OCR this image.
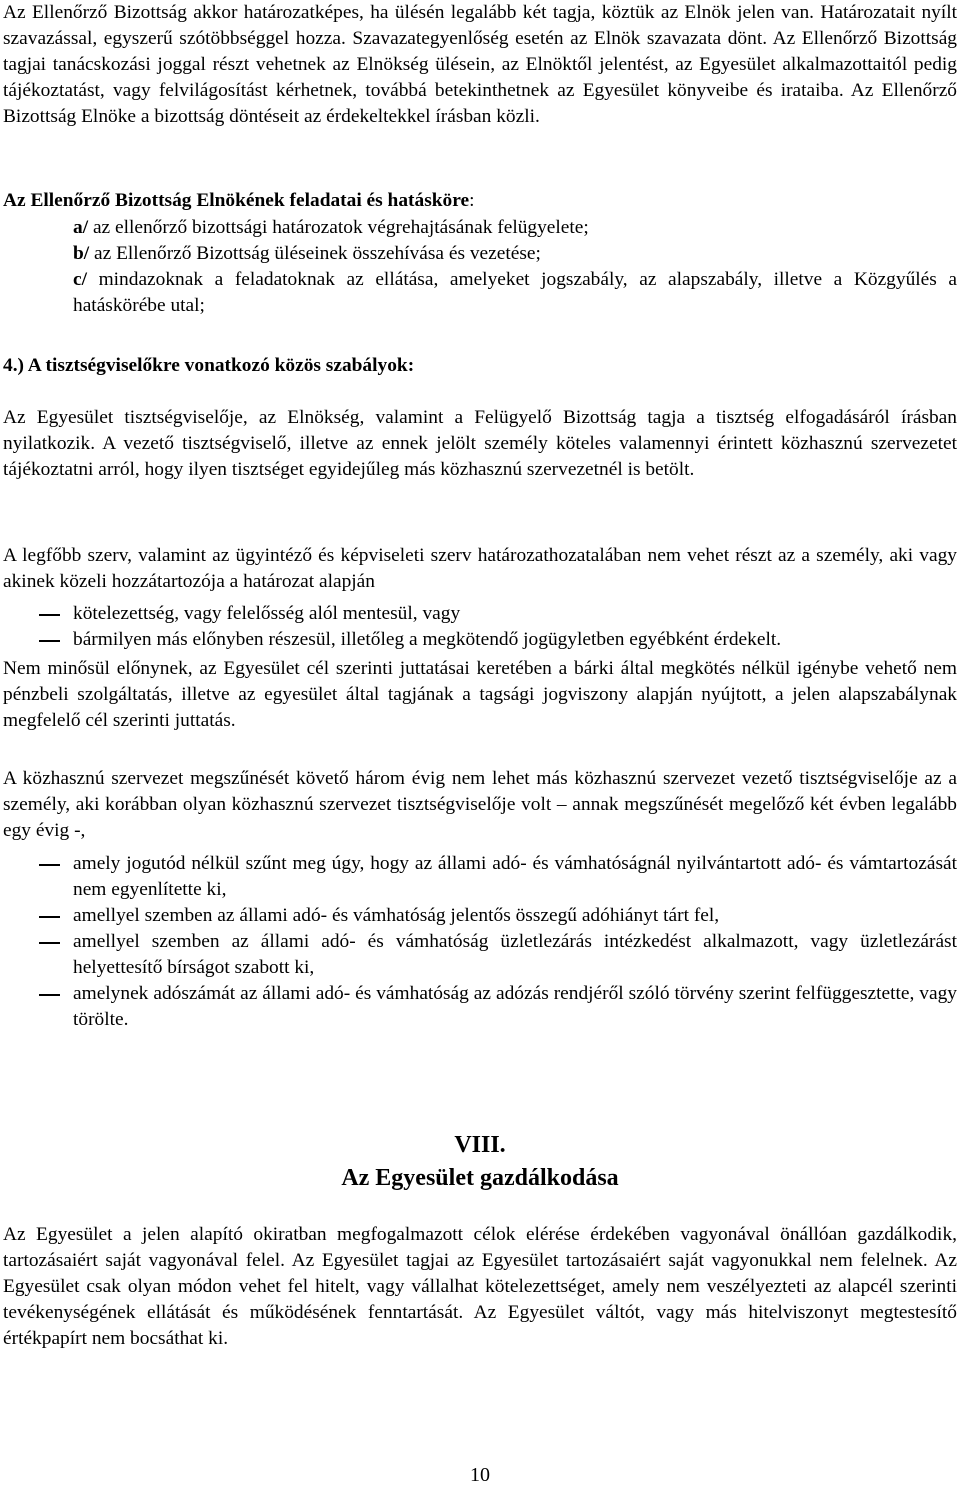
Az Ellenőrző Bizottság akkor határozatképes, ha ülésén legalább két tagja, köztük az Elnök jelen van. Határozatait nyílt szavazással, egyszerű szótöbbséggel hozza. Szavazategyenlőség esetén az Elnök szavazata dönt. Az Ellenőrző Bizottság tagjai tanácskozási joggal részt vehetnek az Elnökség ülésein, az Elnöktől jelentést, az Egyesület alkalmazottaitól pedig tájékoztatást, vagy felvilágosítást kérhetnek, továbbá betekinthetnek az Egyesület könyveibe és irataiba. Az Ellenőrző Bizottság Elnöke a bizottság döntéseit az érdekeltekkel írásban közli.

Az Ellenőrző Bizottság Elnökének feladatai és hatásköre:

a/ az ellenőrző bizottsági határozatok végrehajtásának felügyelete;
b/ az Ellenőrző Bizottság üléseinek összehívása és vezetése;
c/ mindazoknak a feladatoknak az ellátása, amelyeket jogszabály, az alapszabály, illetve a Közgyűlés a hatáskörébe utal;

4.) A tisztségviselőkre vonatkozó közös szabályok:

Az Egyesület tisztségviselője, az Elnökség, valamint a Felügyelő Bizottság tagja a tisztség elfogadásáról írásban nyilatkozik. A vezető tisztségviselő, illetve az ennek jelölt személy köteles valamennyi érintett közhasznú szervezetet tájékoztatni arról, hogy ilyen tisztséget egyidejűleg más közhasznú szervezetnél is betölt.

A legfőbb szerv, valamint az ügyintéző és képviseleti szerv határozathozatalában nem vehet részt az a személy, aki vagy akinek közeli hozzátartozója a határozat alapján

kötelezettség, vagy felelősség alól mentesül, vagy
bármilyen más előnyben részesül, illetőleg a megkötendő jogügyletben egyébként érdekelt.

Nem minősül előnynek, az Egyesület cél szerinti juttatásai keretében a bárki által megkötés nélkül igénybe vehető nem pénzbeli szolgáltatás, illetve az egyesület által tagjának a tagsági jogviszony alapján nyújtott, a jelen alapszabálynak megfelelő cél szerinti juttatás.

A közhasznú szervezet megszűnését követő három évig nem lehet más közhasznú szervezet vezető tisztségviselője az a személy, aki korábban olyan közhasznú szervezet tisztségviselője volt – annak megszűnését megelőző két évben legalább egy évig -,

amely jogutód nélkül szűnt meg úgy, hogy az állami adó- és vámhatóságnál nyilvántartott adó- és vámtartozását nem egyenlítette ki,
amellyel szemben az állami adó- és vámhatóság jelentős összegű adóhiányt tárt fel,
amellyel szemben az állami adó- és vámhatóság üzletlezárás intézkedést alkalmazott, vagy üzletlezárást helyettesítő bírságot szabott ki,
amelynek adószámát az állami adó- és vámhatóság az adózás rendjéről szóló törvény szerint felfüggesztette, vagy törölte.
VIII.
Az Egyesület gazdálkodása

Az Egyesület a jelen alapító okiratban megfogalmazott célok elérése érdekében vagyonával önállóan gazdálkodik, tartozásaiért saját vagyonával felel. Az Egyesület tagjai az Egyesület tartozásaiért saját vagyonukkal nem felelnek. Az Egyesület csak olyan módon vehet fel hitelt, vagy vállalhat kötelezettséget, amely nem veszélyezteti az alapcél szerinti tevékenységének ellátását és működésének fenntartását. Az Egyesület váltót, vagy más hitelviszonyt megtestesítő értékpapírt nem bocsáthat ki.

10
